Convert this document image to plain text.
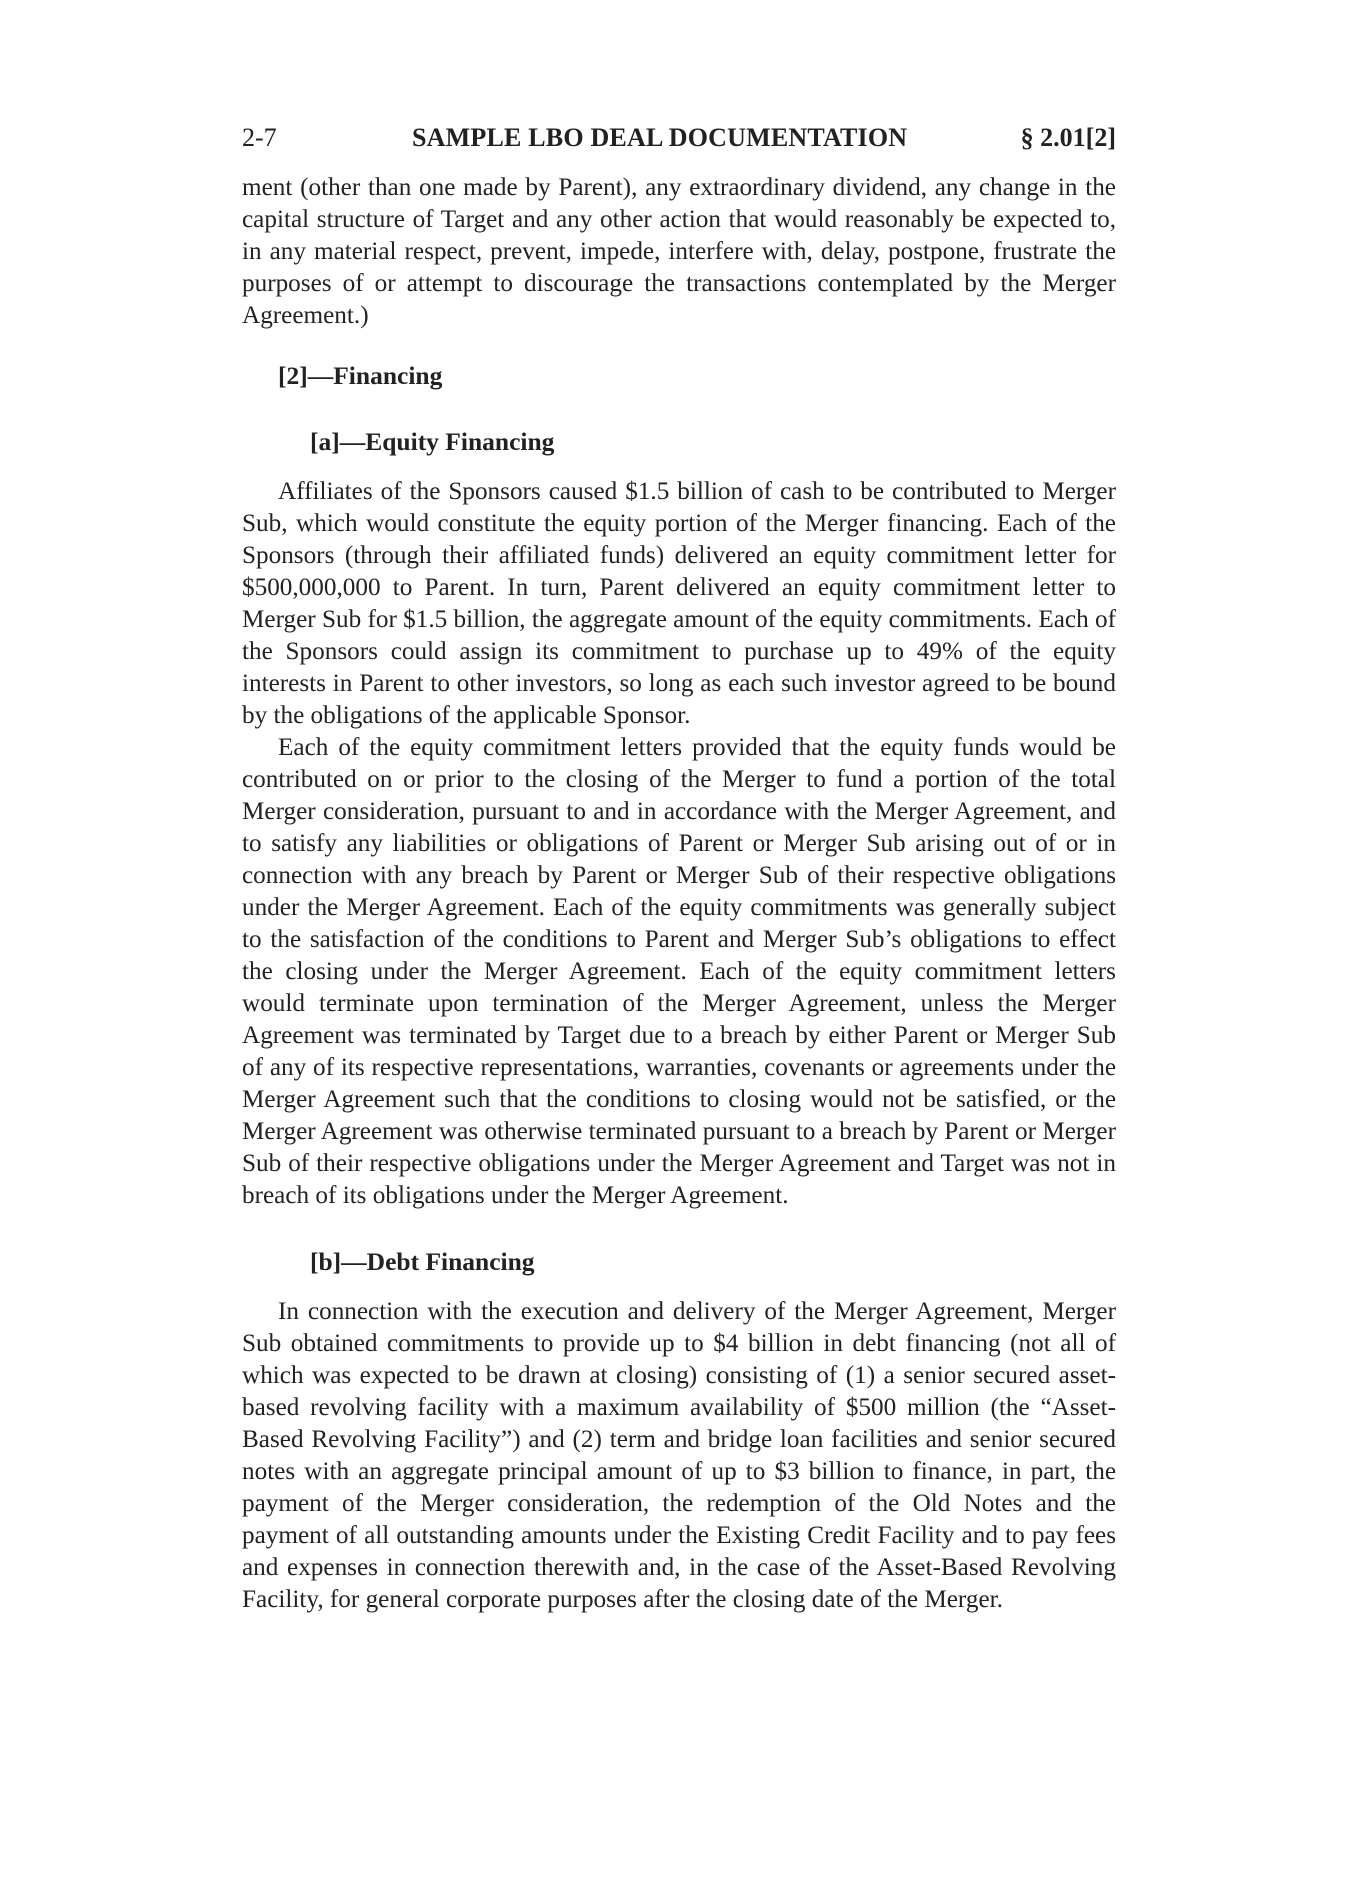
2-7	SAMPLE LBO DEAL DOCUMENTATION	§ 2.01[2]

ment (other than one made by Parent), any extraordinary dividend, any change in the capital structure of Target and any other action that would reasonably be expected to, in any material respect, prevent, impede, interfere with, delay, postpone, frustrate the purposes of or attempt to discourage the transactions contemplated by the Merger Agreement.)

[2]—Financing

[a]—Equity Financing

Affiliates of the Sponsors caused $1.5 billion of cash to be contributed to Merger Sub, which would constitute the equity portion of the Merger financing. Each of the Sponsors (through their affiliated funds) delivered an equity commitment letter for $500,000,000 to Parent. In turn, Parent delivered an equity commitment letter to Merger Sub for $1.5 billion, the aggregate amount of the equity commitments. Each of the Sponsors could assign its commitment to purchase up to 49% of the equity interests in Parent to other investors, so long as each such investor agreed to be bound by the obligations of the applicable Sponsor.

Each of the equity commitment letters provided that the equity funds would be contributed on or prior to the closing of the Merger to fund a portion of the total Merger consideration, pursuant to and in accordance with the Merger Agreement, and to satisfy any liabilities or obligations of Parent or Merger Sub arising out of or in connection with any breach by Parent or Merger Sub of their respective obligations under the Merger Agreement. Each of the equity commitments was generally subject to the satisfaction of the conditions to Parent and Merger Sub’s obligations to effect the closing under the Merger Agreement. Each of the equity commitment letters would terminate upon termination of the Merger Agreement, unless the Merger Agreement was terminated by Target due to a breach by either Parent or Merger Sub of any of its respective representations, warranties, covenants or agreements under the Merger Agreement such that the conditions to closing would not be satisfied, or the Merger Agreement was otherwise terminated pursuant to a breach by Parent or Merger Sub of their respective obligations under the Merger Agreement and Target was not in breach of its obligations under the Merger Agreement.

[b]—Debt Financing

In connection with the execution and delivery of the Merger Agreement, Merger Sub obtained commitments to provide up to $4 billion in debt financing (not all of which was expected to be drawn at closing) consisting of (1) a senior secured asset-based revolving facility with a maximum availability of $500 million (the “Asset-Based Revolving Facility”) and (2) term and bridge loan facilities and senior secured notes with an aggregate principal amount of up to $3 billion to finance, in part, the payment of the Merger consideration, the redemption of the Old Notes and the payment of all outstanding amounts under the Existing Credit Facility and to pay fees and expenses in connection therewith and, in the case of the Asset-Based Revolving Facility, for general corporate purposes after the closing date of the Merger.
